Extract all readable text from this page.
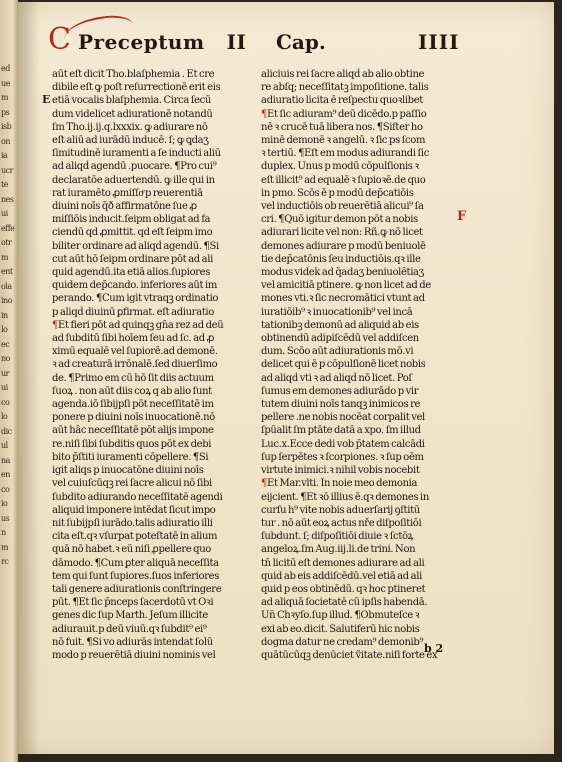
ed
ue
m
ps
isb
on
ia
ucr
te
nes
ui
effe
otr
m
ent
ola
ino
in
lo
ec
no
ur
ui
co
lo
dic
ul
na
en
co
io
us
n
m
rc
C Preceptum II Cap.	IIII
E
F
aūt eſt dicit Tho.blaſphemia . Et cre
dibile eſt ꝙ poſt reſurrectionē erit eis
etiā vocalis blaſphemia. Circa ſecū
dum videlicet adiurationē notandū
ſm Tho.ij.ij.q.lxxxix. ꝙ adiurare nō
eſt aliū ad iurādū inducē. ſ; ꝙ ꝗdaʒ
ſimitudinē iuramenti a ſe inducti aliū
ad aliqḋ agendū .puocare. ¶Pro cui⁹
declaratōe aduertendū. ꝙ ille qui in
rat iuramēto ꝓmiſſoͤ p reuerentiā
diuini noīs q̄ð affirmatōne ſue ꝓ
miſſiōis inducit.ſeipm obligat ad fa
ciendū qd ꝓmittit. qd eſt ſeipm imo
biliter ordinare ad aliqḋ agendū. ¶Si
cut aūt hō ſeipm ordinare pōt ad ali
quid agendū.ita etiā alios.ſupiores
quidem dep̄cando. inferiores aūt im
perando. ¶Cum igit vtraqꝫ ordinatio
p aliqḋ diuinū ꝑfirmat. eſt adiuratio
¶Et fieri pōt ad quinqꝫ gn̄a rez ad deū
ad ſubditū ſibi hoīem ſeu ad ſc. ad ꝓ
ximū equalē vel ſupiorē.ad demonē.
ꝛ ad creaturā irrōnalē.ſed diuerſimo
de. ¶Primo em cū hō ſit diis actuum
ſuoꝝ . non aūt diis coꝝ q ab alio ſunt
agenda.iō ſibijpſi pōt neceſſitatē im
ponere p diuini noīs inuocationē.nō
aūt hāc neceſſitatē pōt alijs impone
re.niſi ſibi ſubditis quos pōt ex debi
bito p̄ſtiti iuramenti cōpellere. ¶Si
igit aliqs p inuocatōne diuini noīs
vel cuiuſcūqꝫ rei ſacre alicui nō ſibi
ſubdito adiurando neceſſitatē agendi
aliquid imponere intēdat ſicut impo
nit ſubijpſi iurādo.talis adiuratio illi
cita eſt.qꝛ vſurpat poteſtatē in alium
quā nō habet.ꝛ eū niſi ꝓpellere quo
dāmodo. ¶Cum ꝑter aliquā neceſſita
tem qui ſunt ſupiores.ſuos inferiores
tali genere adiurationis conſtringere
pūt. ¶Et ſic p̄nceps ſacerdotū vt Oꝛi
genes dic ſup Marth. Jeſum illicite
adiurauit.p deū viuū.qꝛ ſubdit⁹ ei⁹
nō fuit. ¶Si vo adiurās intendat ſolū
modo p reuerētiā diuini nominis vel
aliciuis rei ſacre aliqḋ ab alio obtine
re abſq; neceſſitatꝫ impoſitione. talis
adiuratio licita ē reſpectu quoꝛlibet
¶Et ſic adiuram⁹ deū dicēdo.p paſſio
nē ꝛ crucē tuā libera nos. ¶Siſter ho
minē demonē ꝛ angelū. ꝛ ſic ps ſcom
ꝛ tertiū. ¶Eſt em modus adiurandi ſic
duplex. Unus p modū cōpulſionis ꝛ
eſt illicit⁹ ad equalē ꝛ ſupioꝛē.de quo
in pmo. Scōs ē p modū dep̄catiōis
vel inductiōis ob reuerētiā alicui⁹ ſa
cri. ¶Quō igitur demon pōt a nobis
adiurari licite vel non: Rñ.ꝙ nō licet
demones adiurare p modū beniuolē
tie dep̄catōnis ſeu inductiōis.qꝛ ille
modus videk ad q̄adaʒ beniuolētiaʒ
vel amicitiā ptinere. ꝙ non licet ad de
mones vti.ꝛ ſic necromātici vtunt ad
iuratiōib⁹ ꝛ inuocationib⁹ vel incā
tationibꝫ demonū ad aliquid ab eis
obtinendū adipiſcēdū vel addiſcen
dum. Scōo aūt adiurationis mō.vi
delicet qui ē p cōpulſionē licet nobis
ad aliqḋ vti ꝛ ad aliqḋ nō licet. Poſ
ſumus em demones adiurādo p vir
tutem diuini noīs tanqꝫ inimicos re
pellere .ne nobis nocēat corpalit vel
ſpūalit ſm ptāte datā a xpo. ſm illuḋ
Luc.x.Ecce dedi vob p̄tatem calcādi
ſup ſerpētes ꝛ ſcorpiones. ꝛ ſup oēm
virtute inimici.ꝛ nihil vobis nocebit
¶Et Mar.vlti. In noie meo demonia
eijcient. ¶Et ꝛō illius ē.qꝛ demones in
curſu h⁹ vite nobis aduerſarij ꝯſtitū
tur . nō aūt eoꝝ actus nře diſpoſitiōi
ſubdunt. ſ; diſpoſitiōi diuie ꝛ ſctōꝝ
angeloꝝ.ſm Aug.iij.li.de trini. Non
tn̄ licitū eſt demones adiurare ad ali
quid ab eis addiſcēdū.vel etiā ad ali
quid p eos obtinēdū. qꝛ hoc ptineret
ad aliquā ſocietatē cū ipſis habendā.
Un̄ Chꝛyſo.ſup illuḋ. ¶Obmuteſce ꝛ
exi ab eo.dicit. Salutiferū hic nobis
dogma datur ne credam⁹ demonib⁹
quātūcūqꝫ denūciet ṽitate.niſi forte ex
b 2
